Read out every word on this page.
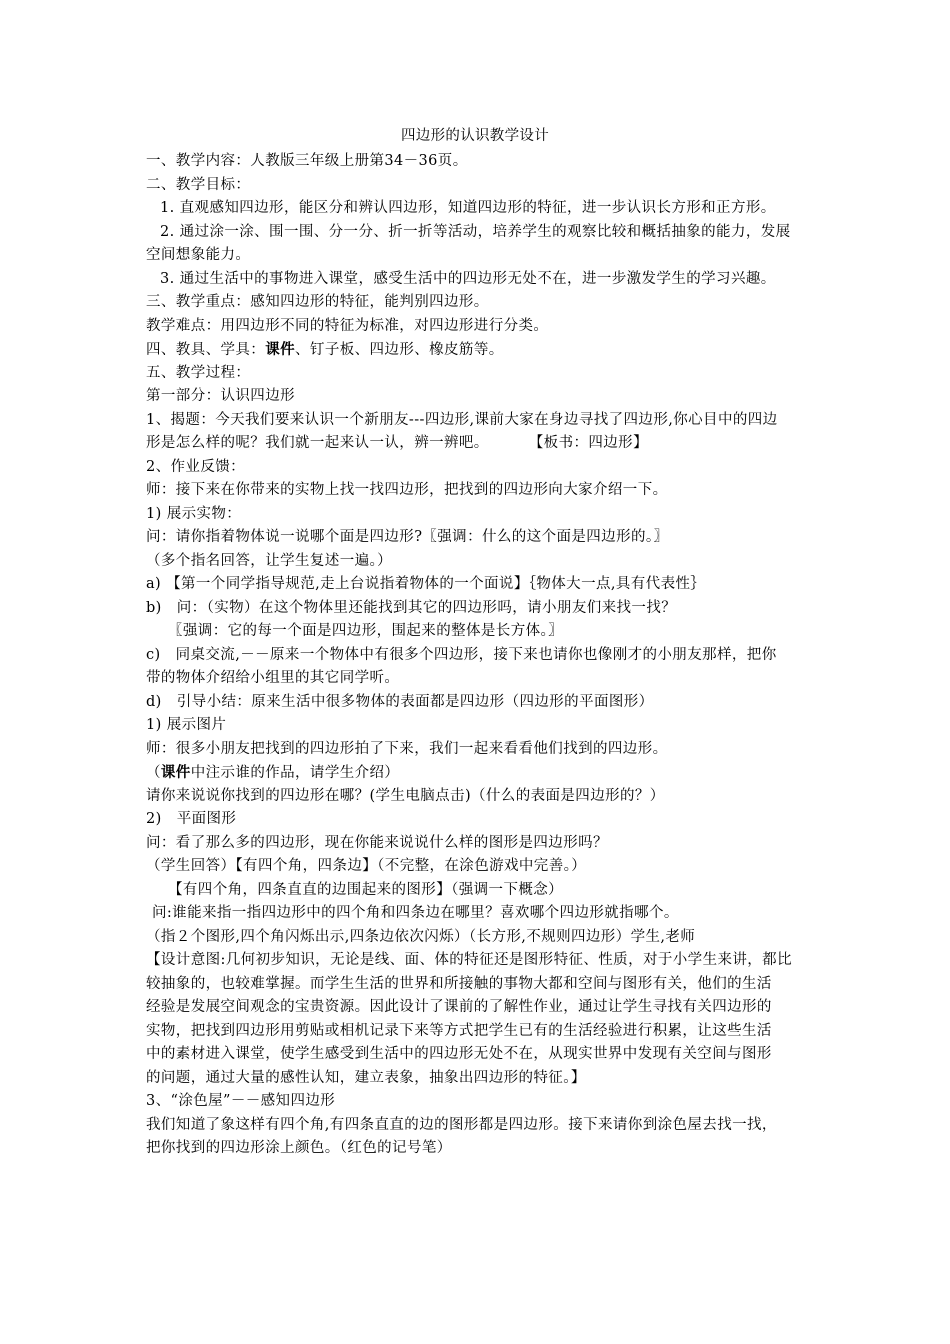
四边形的认识教学设计
一、教学内容：人教版三年级上册第34－36页。
二、教学目标：
1. 直观感知四边形，能区分和辨认四边形，知道四边形的特征，进一步认识长方形和正方形。
2. 通过涂一涂、围一围、分一分、折一折等活动，培养学生的观察比较和概括抽象的能力，发展
空间想象能力。
3. 通过生活中的事物进入课堂，感受生活中的四边形无处不在，进一步激发学生的学习兴趣。
三、教学重点：感知四边形的特征，能判别四边形。
教学难点：用四边形不同的特征为标准，对四边形进行分类。
四、教具、学具：课件、钉子板、四边形、橡皮筋等。
五、教学过程：
第一部分：认识四边形
1、揭题：今天我们要来认识一个新朋友---四边形,课前大家在身边寻找了四边形,你心目中的四边
形是怎么样的呢？我们就一起来认一认，辨一辨吧。        【板书：四边形】
2、作业反馈：
师：接下来在你带来的实物上找一找四边形，把找到的四边形向大家介绍一下。
1) 展示实物：
问：请你指着物体说一说哪个面是四边形?〖强调：什么的这个面是四边形的。〗
（多个指名回答，让学生复述一遍。）
a) 【第一个同学指导规范,走上台说指着物体的一个面说】｛物体大一点,具有代表性｝
b)   问：（实物）在这个物体里还能找到其它的四边形吗，请小朋友们来找一找？
〖强调：它的每一个面是四边形，围起来的整体是长方体。〗
c)   同桌交流,－－原来一个物体中有很多个四边形，接下来也请你也像刚才的小朋友那样，把你
带的物体介绍给小组里的其它同学听。
d)   引导小结：原来生活中很多物体的表面都是四边形（四边形的平面图形）
1) 展示图片
师：很多小朋友把找到的四边形拍了下来，我们一起来看看他们找到的四边形。
（课件中注示谁的作品，请学生介绍）
请你来说说你找到的四边形在哪？(学生电脑点击)（什么的表面是四边形的？）
2)   平面图形
问：看了那么多的四边形，现在你能来说说什么样的图形是四边形吗？
（学生回答）【有四个角，四条边】（不完整，在涂色游戏中完善。）
【有四个角，四条直直的边围起来的图形】（强调一下概念）
问:谁能来指一指四边形中的四个角和四条边在哪里？喜欢哪个四边形就指哪个。
（指２个图形,四个角闪烁出示,四条边依次闪烁）（长方形,不规则四边形）学生,老师
【设计意图:几何初步知识，无论是线、面、体的特征还是图形特征、性质，对于小学生来讲，都比
较抽象的，也较难掌握。而学生生活的世界和所接触的事物大都和空间与图形有关，他们的生活
经验是发展空间观念的宝贵资源。因此设计了课前的了解性作业，通过让学生寻找有关四边形的
实物，把找到四边形用剪贴或相机记录下来等方式把学生已有的生活经验进行积累，让这些生活
中的素材进入课堂，使学生感受到生活中的四边形无处不在，从现实世界中发现有关空间与图形
的问题，通过大量的感性认知，建立表象，抽象出四边形的特征。】
3、“涂色屋”－－感知四边形
我们知道了象这样有四个角,有四条直直的边的图形都是四边形。接下来请你到涂色屋去找一找，
把你找到的四边形涂上颜色。（红色的记号笔）
